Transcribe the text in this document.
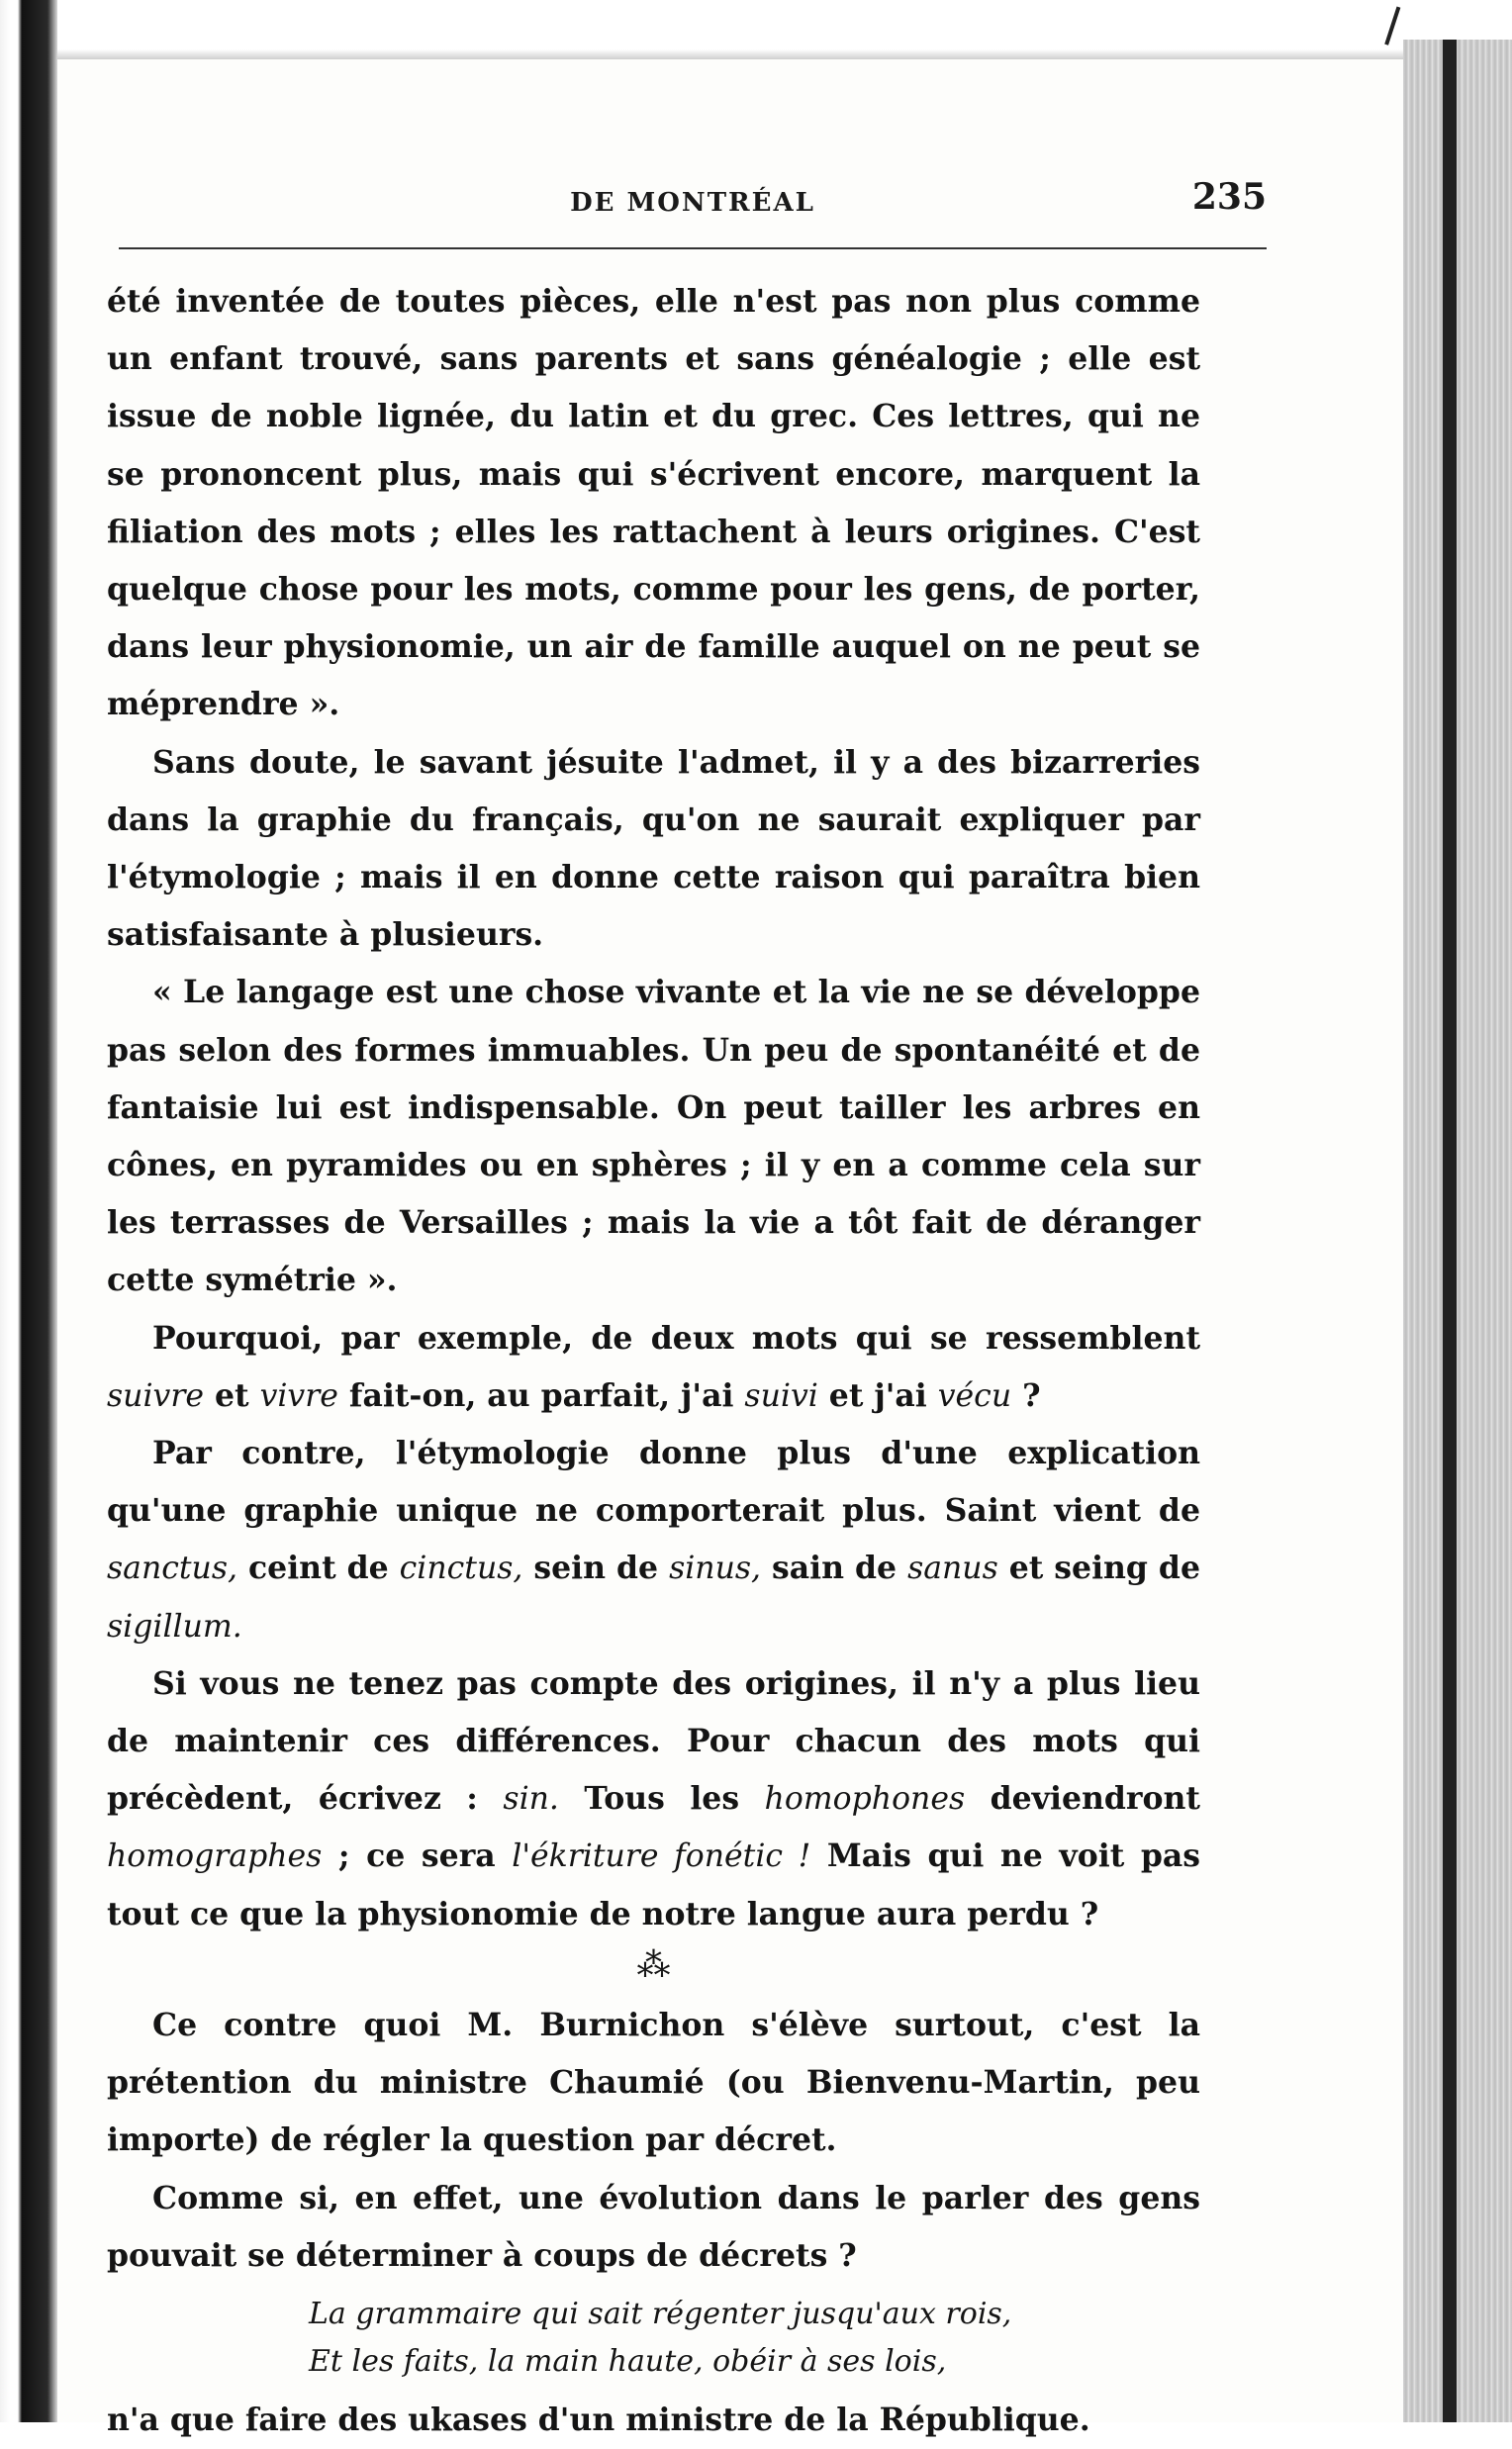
DE MONTRÉAL	235

été inventée de toutes pièces, elle n'est pas non plus comme un enfant trouvé, sans parents et sans généalogie ; elle est issue de noble lignée, du latin et du grec. Ces lettres, qui ne se prononcent plus, mais qui s'écrivent encore, marquent la filiation des mots ; elles les rattachent à leurs origines. C'est quelque chose pour les mots, comme pour les gens, de porter, dans leur physionomie, un air de famille auquel on ne peut se méprendre ».

Sans doute, le savant jésuite l'admet, il y a des bizarreries dans la graphie du français, qu'on ne saurait expliquer par l'étymologie ; mais il en donne cette raison qui paraîtra bien satisfaisante à plusieurs.

« Le langage est une chose vivante et la vie ne se développe pas selon des formes immuables. Un peu de spontanéité et de fantaisie lui est indispensable. On peut tailler les arbres en cônes, en pyramides ou en sphères ; il y en a comme cela sur les terrasses de Versailles ; mais la vie a tôt fait de déranger cette symétrie ».

Pourquoi, par exemple, de deux mots qui se ressemblent suivre et vivre fait-on, au parfait, j'ai suivi et j'ai vécu ?

Par contre, l'étymologie donne plus d'une explication qu'une graphie unique ne comporterait plus. Saint vient de sanctus, ceint de cinctus, sein de sinus, sain de sanus et seing de sigillum.

Si vous ne tenez pas compte des origines, il n'y a plus lieu de maintenir ces différences. Pour chacun des mots qui précèdent, écrivez : sin. Tous les homophones deviendront homographes ; ce sera l'ékriture fonétic ! Mais qui ne voit pas tout ce que la physionomie de notre langue aura perdu ?

⁂

Ce contre quoi M. Burnichon s'élève surtout, c'est la prétention du ministre Chaumié (ou Bienvenu-Martin, peu importe) de régler la question par décret.

Comme si, en effet, une évolution dans le parler des gens pouvait se déterminer à coups de décrets ?

La grammaire qui sait régenter jusqu'aux rois,
Et les faits, la main haute, obéir à ses lois,

n'a que faire des ukases d'un ministre de la République.
